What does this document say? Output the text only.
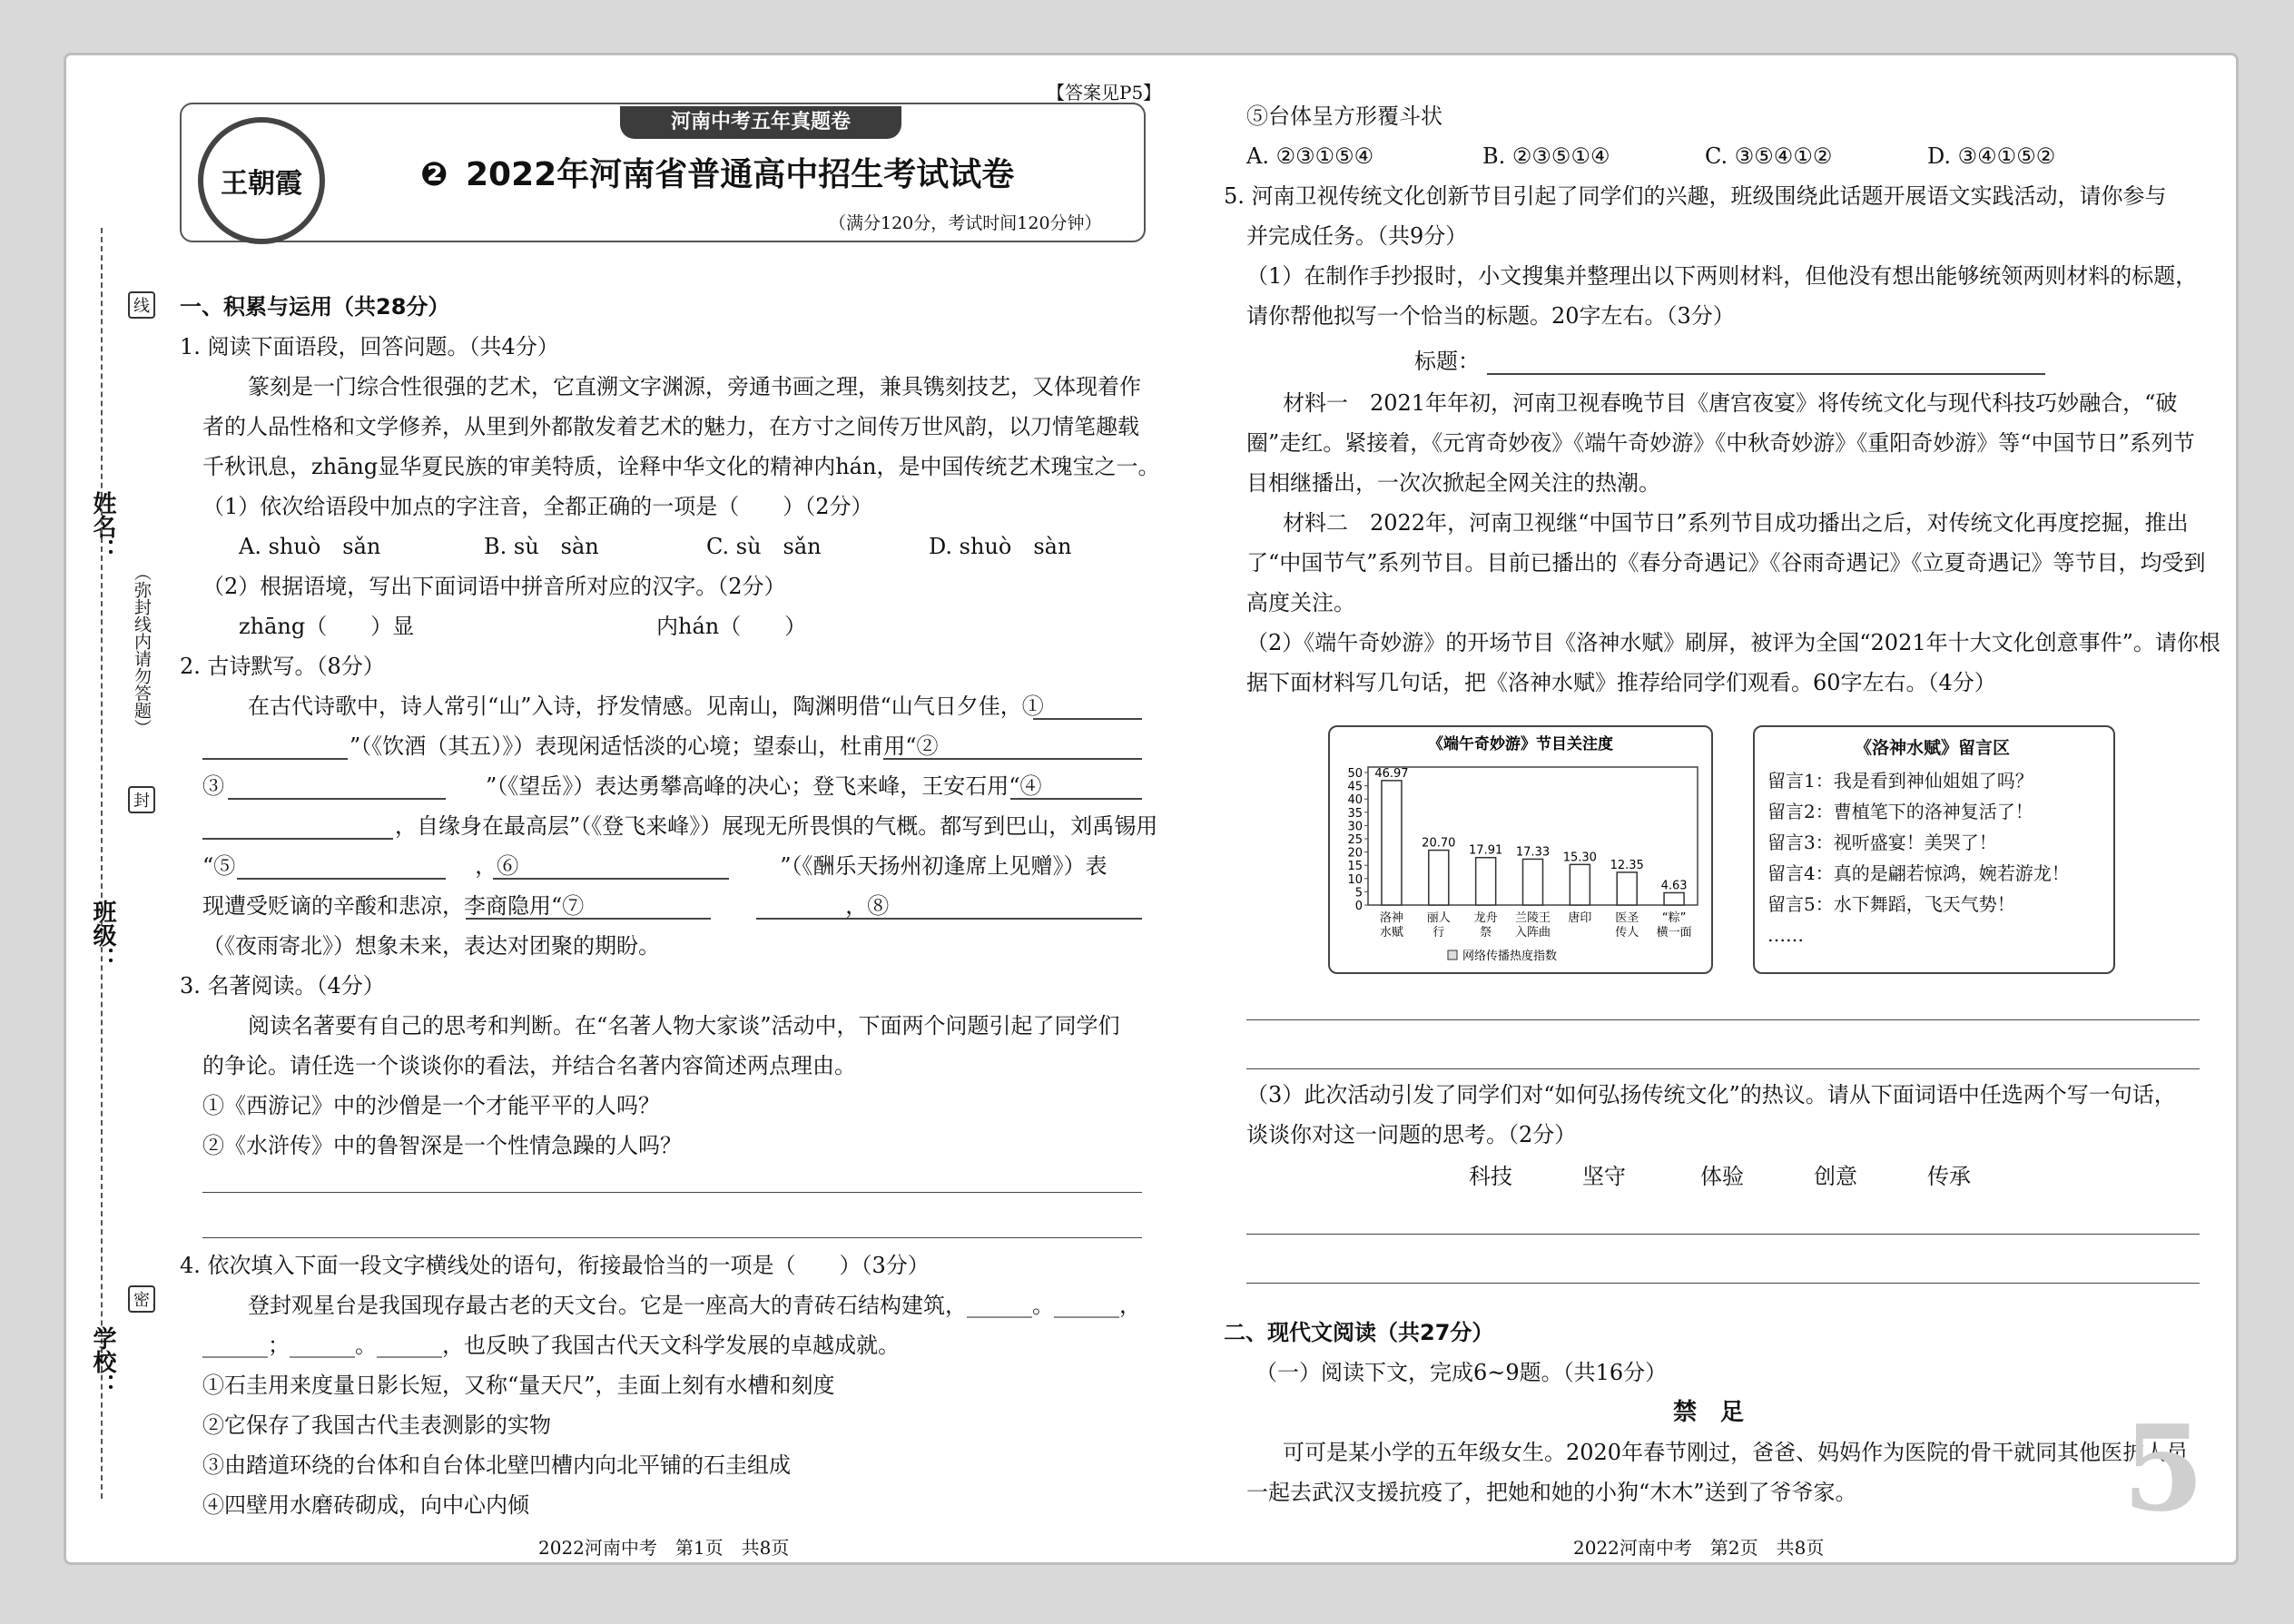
姓名：
班级：
学校：
线
（弥封线内请勿答题）
封
密
【答案见P5】
河南中考五年真题卷
王朝霞	❷ 2022年河南省普通高中招生考试试卷
（满分120分，考试时间120分钟）
一、积累与运用（共28分）
1. 阅读下面语段，回答问题。（共4分）
篆刻是一门综合性很强的艺术，它直溯文字渊源，旁通书画之理，兼具镌刻技艺，又体现着作
者的人品性格和文学修养，从里到外都散发着艺术的魅力，在方寸之间传万世风韵，以刀情笔趣载
千秋讯息，zhāng显华夏民族的审美特质，诠释中华文化的精神内hán，是中国传统艺术瑰宝之一。
（1）依次给语段中加点的字注音，全都正确的一项是（　　）（2分）
A. shuò　sǎn	B. sù　sàn	C. sù　sǎn	D. shuò　sàn
（2）根据语境，写出下面词语中拼音所对应的汉字。（2分）
zhāng（　　）显	内hán（　　）
2. 古诗默写。（8分）
在古代诗歌中，诗人常引“山”入诗，抒发情感。见南山，陶渊明借“山气日夕佳，①
”（《饮酒（其五）》）表现闲适恬淡的心境；望泰山，杜甫用“②
③　　　　　　　　　　　　”（《望岳》）表达勇攀高峰的决心；登飞来峰，王安石用“④
，自缘身在最高层”（《登飞来峰》）展现无所畏惧的气概。都写到巴山，刘禹锡用
“⑤　　　　　　　　　　　，⑥　　　　　　　　　　　　”（《酬乐天扬州初逢席上见赠》）表
现遭受贬谪的辛酸和悲凉，李商隐用“⑦　　　　　　　　　　　　，⑧
（《夜雨寄北》）想象未来，表达对团聚的期盼。
3. 名著阅读。（4分）
阅读名著要有自己的思考和判断。在“名著人物大家谈”活动中，下面两个问题引起了同学们
的争论。请任选一个谈谈你的看法，并结合名著内容简述两点理由。
①《西游记》中的沙僧是一个才能平平的人吗？
②《水浒传》中的鲁智深是一个性情急躁的人吗？
4. 依次填入下面一段文字横线处的语句，衔接最恰当的一项是（　　）（3分）
登封观星台是我国现存最古老的天文台。它是一座高大的青砖石结构建筑，______。______，
______；______。______，也反映了我国古代天文科学发展的卓越成就。
①石圭用来度量日影长短，又称“量天尺”，圭面上刻有水槽和刻度
②它保存了我国古代圭表测影的实物
③由踏道环绕的台体和自台体北壁凹槽内向北平铺的石圭组成
④四壁用水磨砖砌成，向中心内倾
2022河南中考　第1页　共8页
⑤台体呈方形覆斗状
A. ②③①⑤④	B. ②③⑤①④	C. ③⑤④①②	D. ③④①⑤②
5. 河南卫视传统文化创新节目引起了同学们的兴趣，班级围绕此话题开展语文实践活动，请你参与
并完成任务。（共9分）
（1）在制作手抄报时，小文搜集并整理出以下两则材料，但他没有想出能够统领两则材料的标题，
请你帮他拟写一个恰当的标题。20字左右。（3分）
标题：
材料一　2021年年初，河南卫视春晚节目《唐宫夜宴》将传统文化与现代科技巧妙融合，“破
圈”走红。紧接着，《元宵奇妙夜》《端午奇妙游》《中秋奇妙游》《重阳奇妙游》等“中国节日”系列节
目相继播出，一次次掀起全网关注的热潮。
材料二　2022年，河南卫视继“中国节日”系列节目成功播出之后，对传统文化再度挖掘，推出
了“中国节气”系列节目。目前已播出的《春分奇遇记》《谷雨奇遇记》《立夏奇遇记》等节目，均受到
高度关注。
（2）《端午奇妙游》的开场节目《洛神水赋》刷屏，被评为全国“2021年十大文化创意事件”。请你根
据下面材料写几句话，把《洛神水赋》推荐给同学们观看。60字左右。（4分）
《端午奇妙游》节目关注度
0
5
10
15
20
25
30
35
40
45
50 46.97
洛神
水赋
20.70
丽人
行
17.91
龙舟
祭
17.33
兰陵王
入阵曲
15.30
唐印
12.35
医圣
传人
4.63
“粽”
横一面
网络传播热度指数
《洛神水赋》留言区
留言1：我是看到神仙姐姐了吗？
留言2：曹植笔下的洛神复活了！
留言3：视听盛宴！美哭了！
留言4：真的是翩若惊鸿，婉若游龙！
留言5：水下舞蹈，飞天气势！
……
（3）此次活动引发了同学们对“如何弘扬传统文化”的热议。请从下面词语中任选两个写一句话，
谈谈你对这一问题的思考。（2分）
科技	坚守	体验	创意	传承
二、现代文阅读（共27分）
（一）阅读下文，完成6~9题。（共16分）
禁　足
可可是某小学的五年级女生。2020年春节刚过，爸爸、妈妈作为医院的骨干就同其他医护人员
一起去武汉支援抗疫了，把她和她的小狗“木木”送到了爷爷家。
2022河南中考　第2页　共8页
5
